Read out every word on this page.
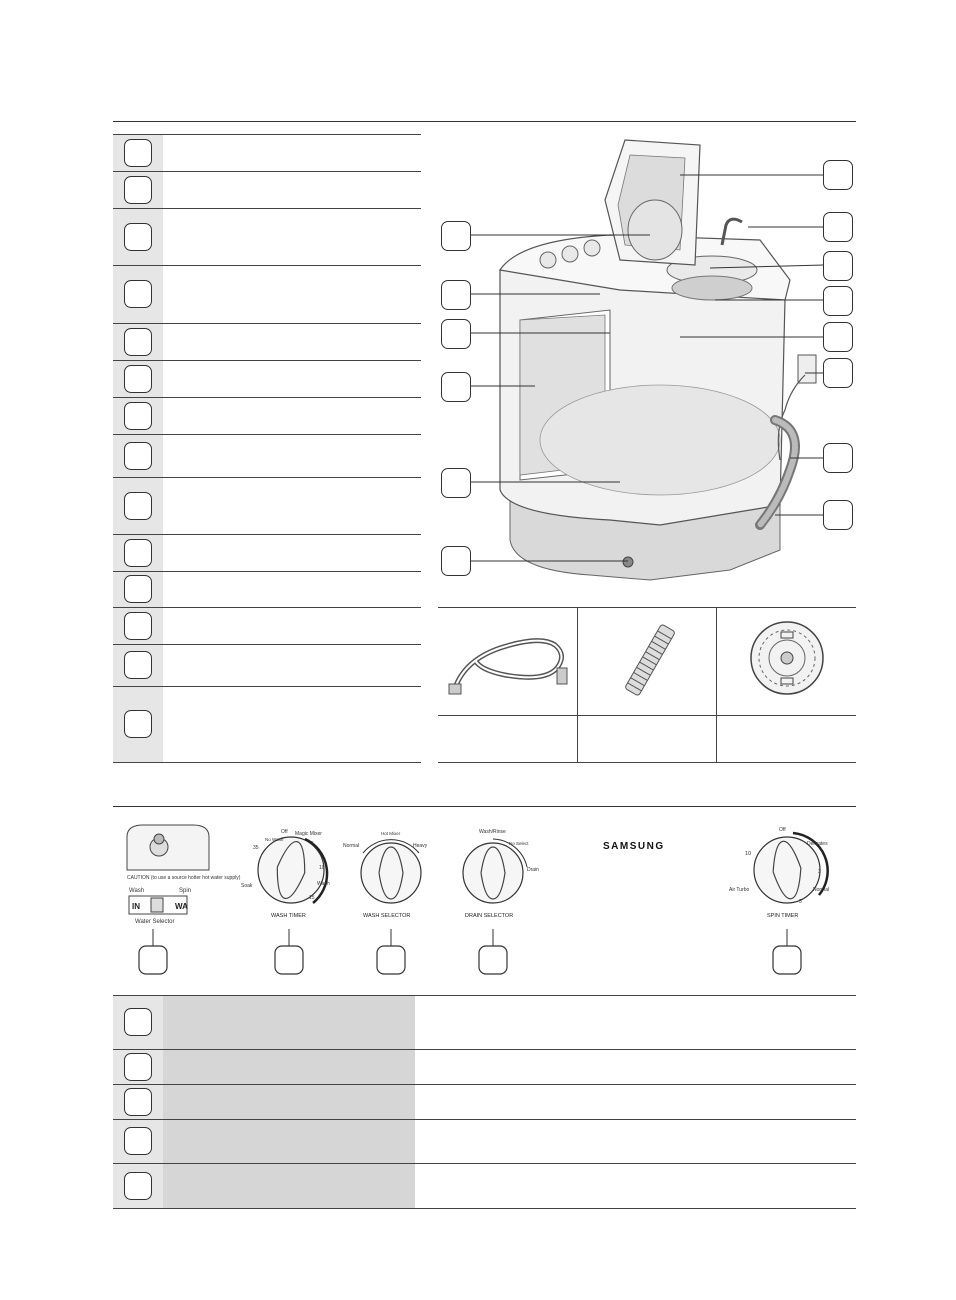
CAUTION (to use a source hotter hot water supply)
Wash	Spin
IN	WA
Water Selector
Off
No Wash
Magic Mixer
5
10
Wash
15
35
Soak
WASH TIMER
Hot Mixer
Normal	Heavy
WASH SELECTOR
Wash/Rinse
No Select
Drain
DRAIN SELECTOR
SAMSUNG
Off
Delicates
3
Normal
5
Air Turbo
10
SPIN TIMER
